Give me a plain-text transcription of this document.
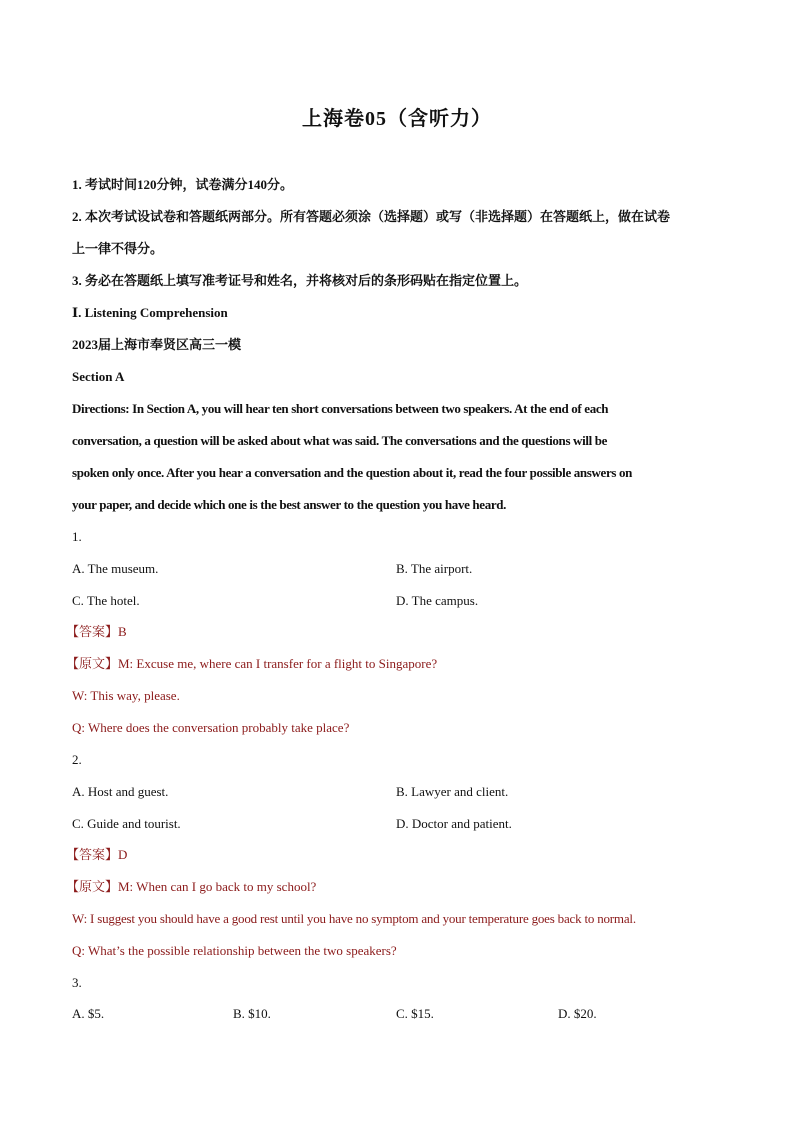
上海卷05（含听力）
1. 考试时间120分钟，试卷满分140分。
2. 本次考试设试卷和答题纸两部分。所有答题必须涂（选择题）或写（非选择题）在答题纸上，做在试卷
上一律不得分。
3. 务必在答题纸上填写准考证号和姓名，并将核对后的条形码贴在指定位置上。
Ⅰ. Listening Comprehension
2023届上海市奉贤区高三一模
Section A
Directions: In Section A, you will hear ten short conversations between two speakers. At the end of each
conversation, a question will be asked about what was said. The conversations and the questions will be
spoken only once. After you hear a conversation and the question about it, read the four possible answers on
your paper, and decide which one is the best answer to the question you have heard.
1.
A. The museum.	B. The airport.
C. The hotel.	D. The campus.
【答案】B
【原文】M: Excuse me, where can I transfer for a flight to Singapore?
W: This way, please.
Q: Where does the conversation probably take place?
2.
A. Host and guest.	B. Lawyer and client.
C. Guide and tourist.	D. Doctor and patient.
【答案】D
【原文】M: When can I go back to my school?
W: I suggest you should have a good rest until you have no symptom and your temperature goes back to normal.
Q: What’s the possible relationship between the two speakers?
3.
A. $5.	B. $10.	C. $15.	D. $20.
